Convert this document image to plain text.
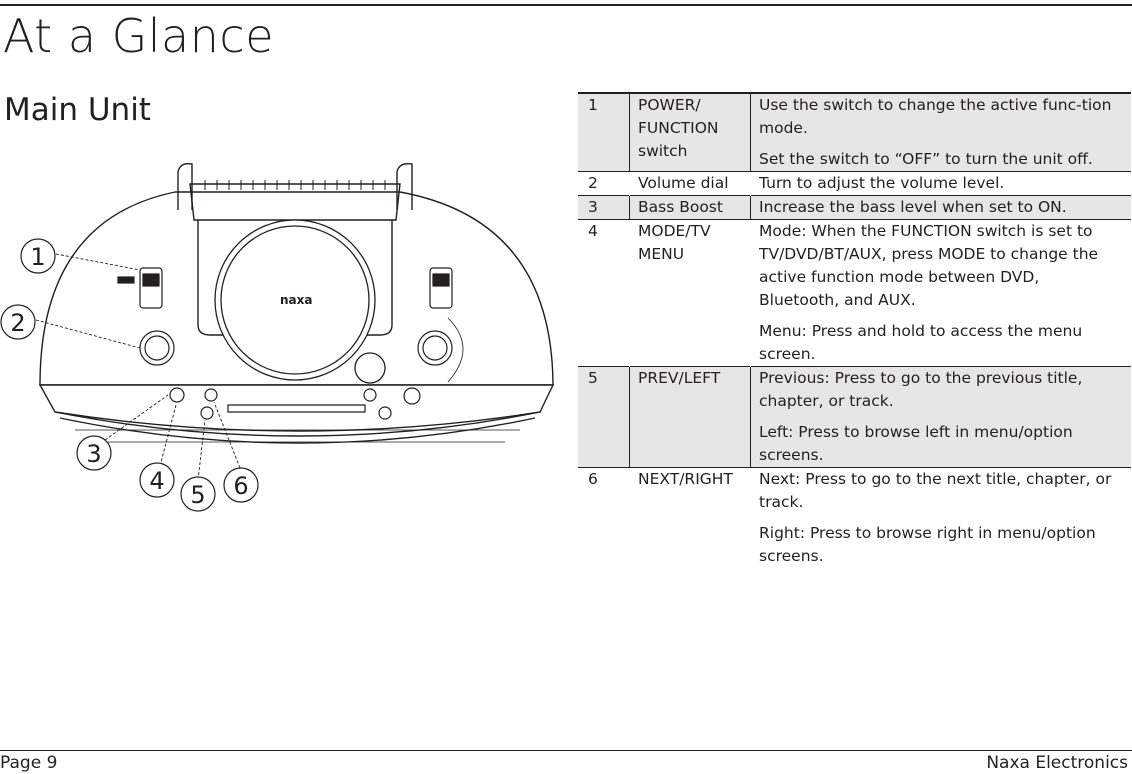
At a Glance
Main Unit
naxa
1
2
3
4 5 6
1	POWER/ FUNCTION switch	Use the switch to change the active func-tion mode.

Set the switch to “OFF” to turn the unit off.

2	Volume dial	Turn to adjust the volume level.

3	Bass Boost	Increase the bass level when set to ON.

4	MODE/TV MENU	Mode: When the FUNCTION switch is set to TV/DVD/BT/AUX, press MODE to change the active function mode between DVD, Bluetooth, and AUX.

Menu: Press and hold to access the menu screen.

5	PREV/LEFT	Previous: Press to go to the previous title, chapter, or track.

Left: Press to browse left in menu/option screens.

6	NEXT/RIGHT	Next: Press to go to the next title, chapter, or track.

Right: Press to browse right in menu/option screens.

Page 9	Naxa Electronics
